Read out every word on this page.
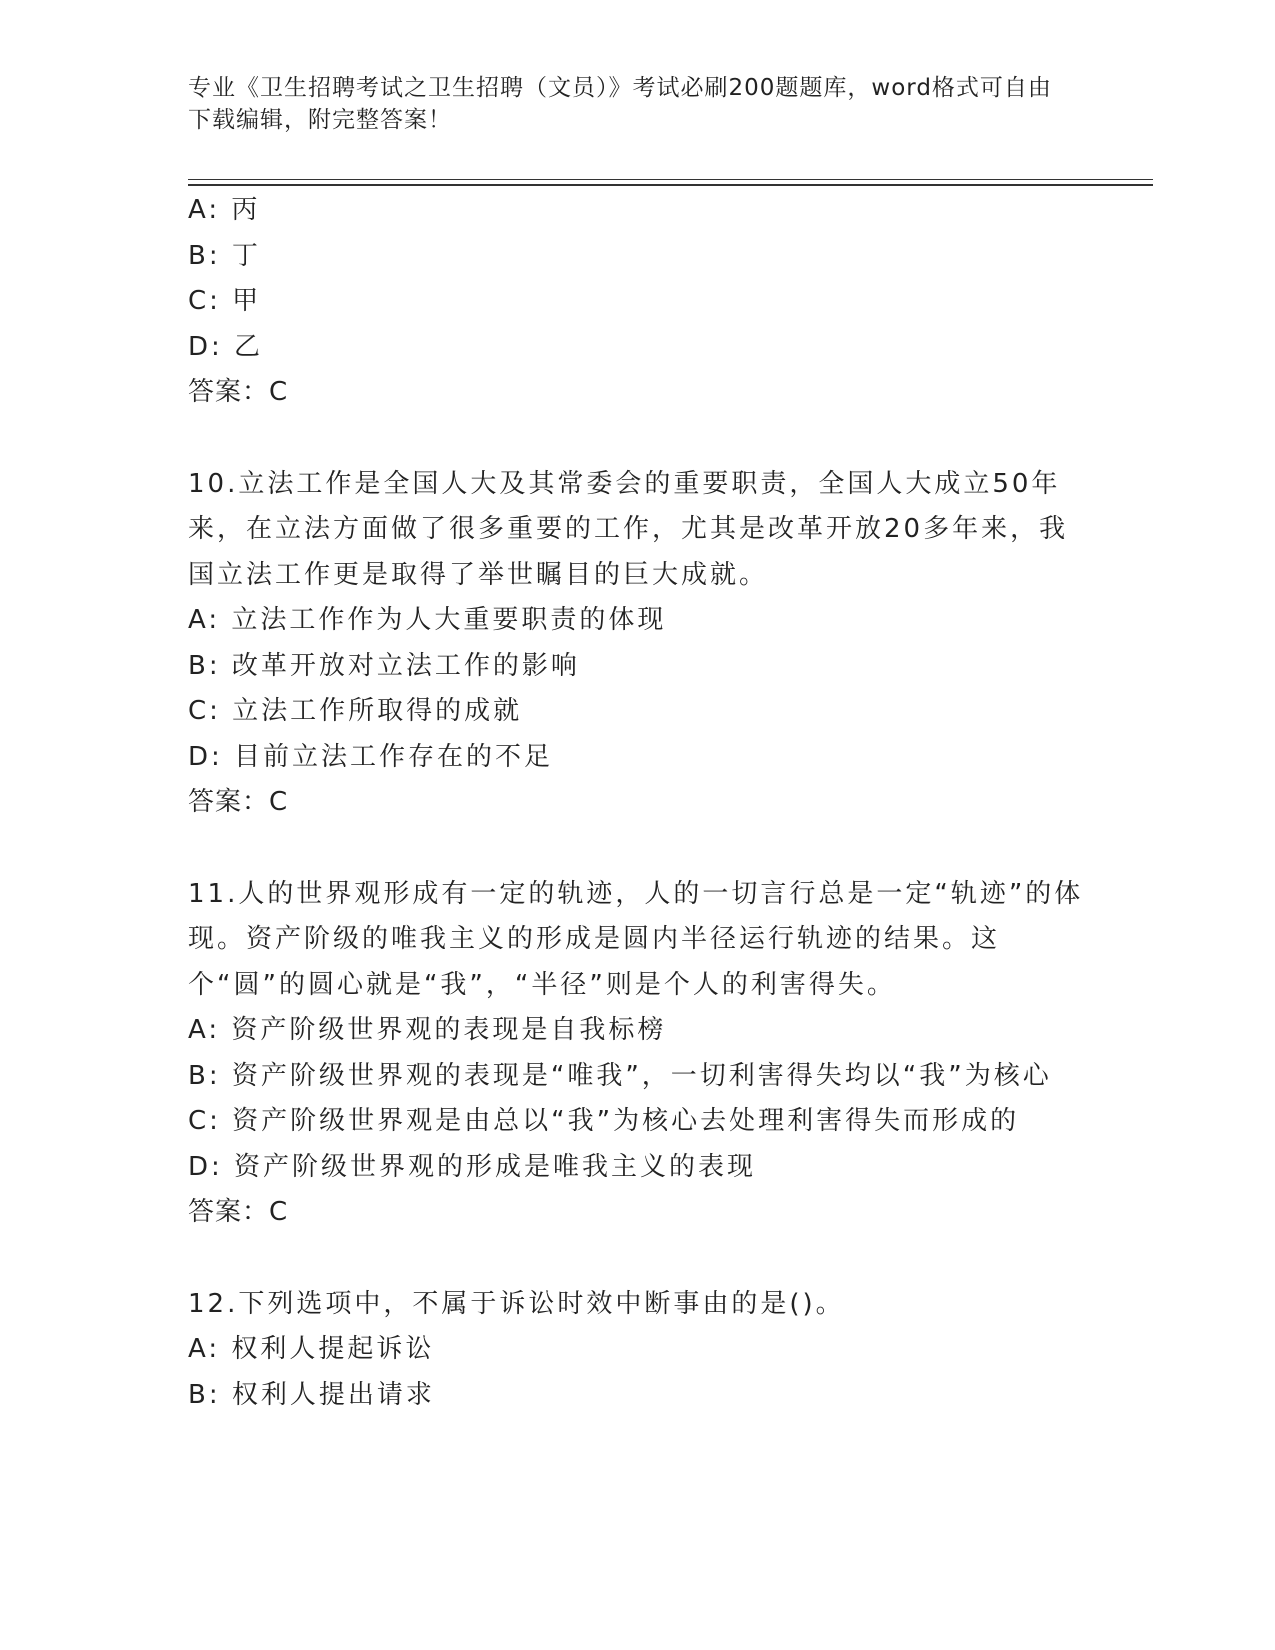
专业《卫生招聘考试之卫生招聘（文员）》考试必刷200题题库，word格式可自由下载编辑，附完整答案！
A: 丙
B: 丁
C: 甲
D: 乙
答案：C
10.立法工作是全国人大及其常委会的重要职责，全国人大成立50年来，在立法方面做了很多重要的工作，尤其是改革开放20多年来，我国立法工作更是取得了举世瞩目的巨大成就。
A: 立法工作作为人大重要职责的体现
B: 改革开放对立法工作的影响
C: 立法工作所取得的成就
D: 目前立法工作存在的不足
答案：C
11.人的世界观形成有一定的轨迹，人的一切言行总是一定“轨迹”的体现。资产阶级的唯我主义的形成是圆内半径运行轨迹的结果。这个“圆”的圆心就是“我”，“半径”则是个人的利害得失。
A: 资产阶级世界观的表现是自我标榜
B: 资产阶级世界观的表现是“唯我”，一切利害得失均以“我”为核心
C: 资产阶级世界观是由总以“我”为核心去处理利害得失而形成的
D: 资产阶级世界观的形成是唯我主义的表现
答案：C
12.下列选项中，不属于诉讼时效中断事由的是()。
A: 权利人提起诉讼
B: 权利人提出请求
